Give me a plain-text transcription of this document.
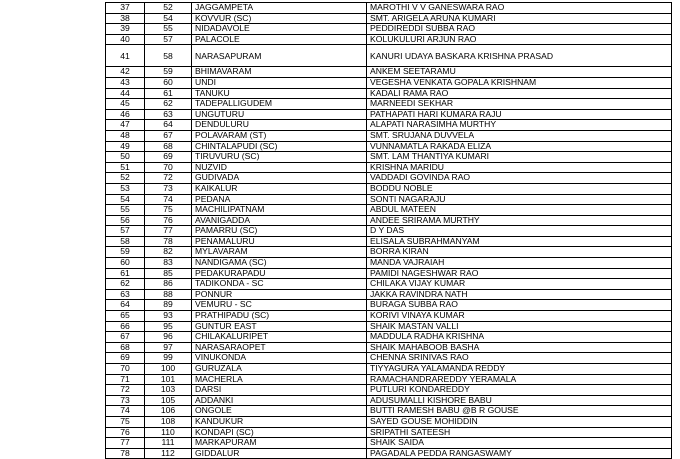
37	52	JAGGAMPETA	MAROTHI V V GANESWARA RAO
38	54	KOVVUR (SC)	SMT. ARIGELA ARUNA KUMARI
39	55	NIDADAVOLE	PEDDIREDDI SUBBA RAO
40	57	PALACOLE	KOLUKULURI ARJUN RAO
41	58	NARASAPURAM	KANURI UDAYA BASKARA KRISHNA PRASAD
42	59	BHIMAVARAM	ANKEM SEETARAMU
43	60	UNDI	VEGESHA VENKATA GOPALA KRISHNAM
44	61	TANUKU	KADALI RAMA RAO
45	62	TADEPALLIGUDEM	MARNEEDI SEKHAR
46	63	UNGUTURU	PATHAPATI HARI KUMARA RAJU
47	64	DENDULURU	ALAPATI NARASIMHA MURTHY
48	67	POLAVARAM (ST)	SMT. SRUJANA DUVVELA
49	68	CHINTALAPUDI (SC)	VUNNAMATLA RAKADA ELIZA
50	69	TIRUVURU (SC)	SMT. LAM THANTIYA KUMARI
51	70	NUZVID	KRISHNA MARIDU
52	72	GUDIVADA	VADDADI GOVINDA RAO
53	73	KAIKALUR	BODDU NOBLE
54	74	PEDANA	SONTI NAGARAJU
55	75	MACHILIPATNAM	ABDUL MATEEN
56	76	AVANIGADDA	ANDEE SRIRAMA MURTHY
57	77	PAMARRU (SC)	D Y DAS
58	78	PENAMALURU	ELISALA SUBRAHMANYAM
59	82	MYLAVARAM	BORRA KIRAN
60	83	NANDIGAMA (SC)	MANDA VAJRAIAH
61	85	PEDAKURAPADU	PAMIDI NAGESHWAR RAO
62	86	TADIKONDA - SC	CHILAKA VIJAY KUMAR
63	88	PONNUR	JAKKA RAVINDRA NATH
64	89	VEMURU - SC	BURAGA SUBBA RAO
65	93	PRATHIPADU (SC)	KORIVI VINAYA KUMAR
66	95	GUNTUR EAST	SHAIK MASTAN VALLI
67	96	CHILAKALURIPET	MADDULA RADHA KRISHNA
68	97	NARASARAOPET	SHAIK MAHABOOB BASHA
69	99	VINUKONDA	CHENNA SRINIVAS RAO
70	100	GURUZALA	TIYYAGURA YALAMANDA REDDY
71	101	MACHERLA	RAMACHANDRAREDDY YERAMALA
72	103	DARSI	PUTLURI KONDAREDDY
73	105	ADDANKI	ADUSUMALLI KISHORE BABU
74	106	ONGOLE	BUTTI RAMESH BABU @B R GOUSE
75	108	KANDUKUR	SAYED GOUSE MOHIDDIN
76	110	KONDAPI (SC)	SRIPATHI SATEESH
77	111	MARKAPURAM	SHAIK SAIDA
78	112	GIDDALUR	PAGADALA PEDDA RANGASWAMY
